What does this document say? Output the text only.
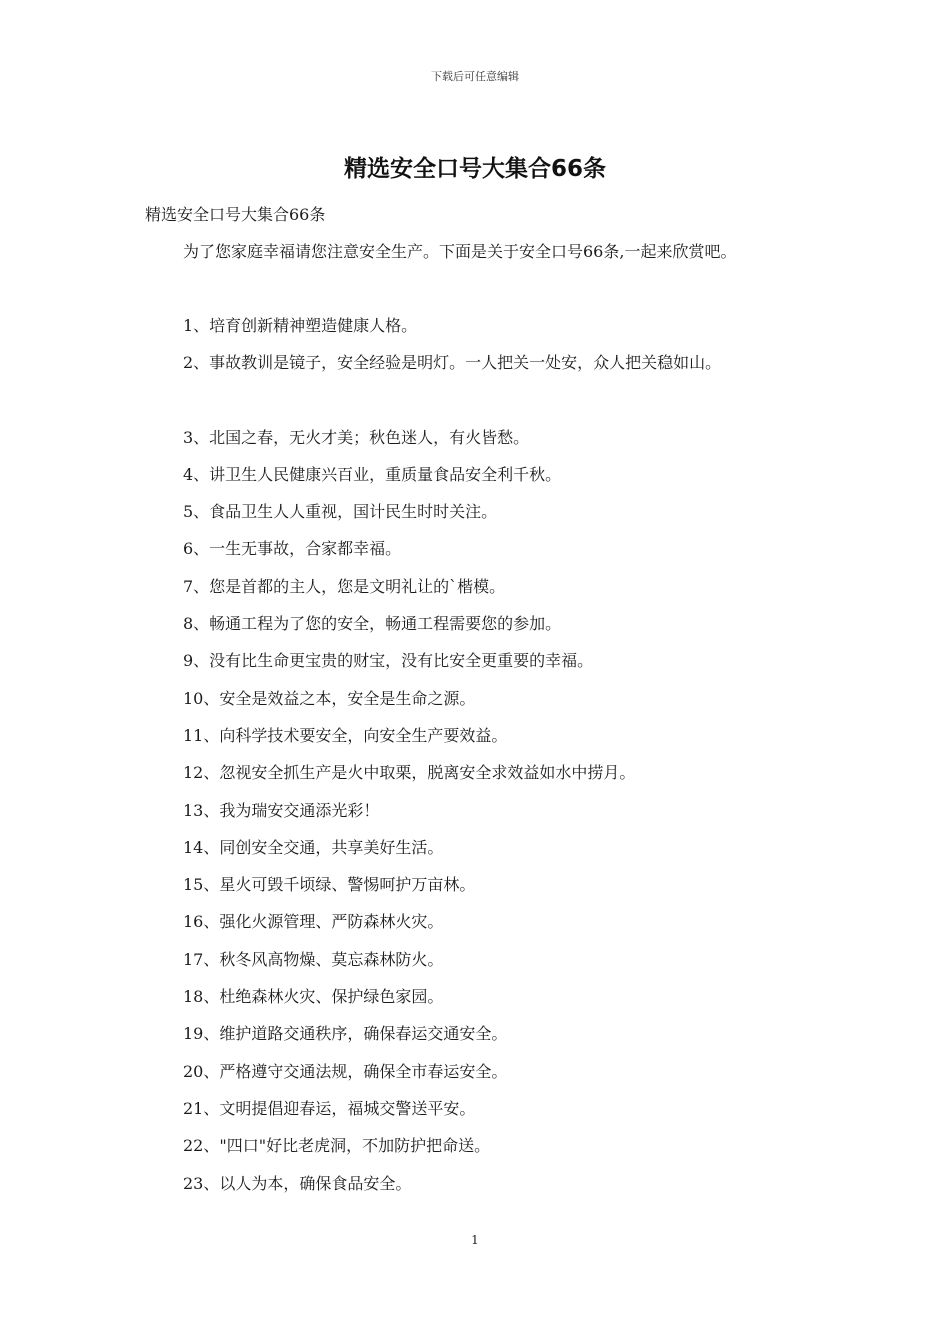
下载后可任意编辑
精选安全口号大集合66条
精选安全口号大集合66条
为了您家庭幸福请您注意安全生产。下面是关于安全口号66条,一起来欣赏吧。
1、培育创新精神塑造健康人格。
2、事故教训是镜子，安全经验是明灯。一人把关一处安，众人把关稳如山。
3、北国之春，无火才美；秋色迷人，有火皆愁。
4、讲卫生人民健康兴百业，重质量食品安全利千秋。
5、食品卫生人人重视，国计民生时时关注。
6、一生无事故，合家都幸福。
7、您是首都的主人，您是文明礼让的`楷模。
8、畅通工程为了您的安全，畅通工程需要您的参加。
9、没有比生命更宝贵的财宝，没有比安全更重要的幸福。
10、安全是效益之本，安全是生命之源。
11、向科学技术要安全，向安全生产要效益。
12、忽视安全抓生产是火中取栗，脱离安全求效益如水中捞月。
13、我为瑞安交通添光彩！
14、同创安全交通，共享美好生活。
15、星火可毁千顷绿、警惕呵护万亩林。
16、强化火源管理、严防森林火灾。
17、秋冬风高物燥、莫忘森林防火。
18、杜绝森林火灾、保护绿色家园。
19、维护道路交通秩序，确保春运交通安全。
20、严格遵守交通法规，确保全市春运安全。
21、文明提倡迎春运，福城交警送平安。
22、"四口"好比老虎洞，不加防护把命送。
23、以人为本，确保食品安全。
1
